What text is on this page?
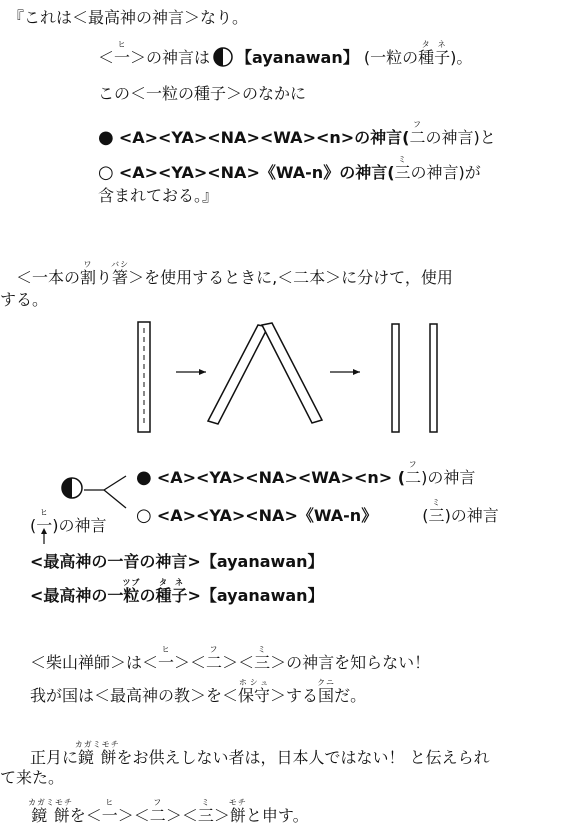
『これは＜最高神の神言＞なり。
＜一ヒ＞の神言は 【ayanawan】 (一粒の種子タネ)。
この＜一粒の種子＞のなかに
● <A><YA><NA><WA><n>の神言(二フの神言)と
○ <A><YA><NA>《WA-n》の神言(三ミの神言)が
含まれておる。』
＜一本の割ワり箸バシ＞を使用するときに,＜二本＞に分けて，使用
する。
● <A><YA><NA><WA><n> (二フ)の神言
○ <A><YA><NA>《WA-n》	(三ミ)の神言
(一ヒ)の神言
<最高神の一音の神言>【ayanawan】
<最高神の一粒ツブの種子タネ>【ayanawan】
＜柴山禅師＞は＜一ヒ＞＜二フ＞＜三ミ＞の神言を知らない！
我が国は＜最高神の教＞を＜保守ホシュ＞する国クニだ。
正月に鏡餅カガミモチをお供えしない者は，日本人ではない！ と伝えられ
て来た。
鏡餅カガミモチを＜一ヒ＞＜二フ＞＜三ミ＞餅モチと申す。
